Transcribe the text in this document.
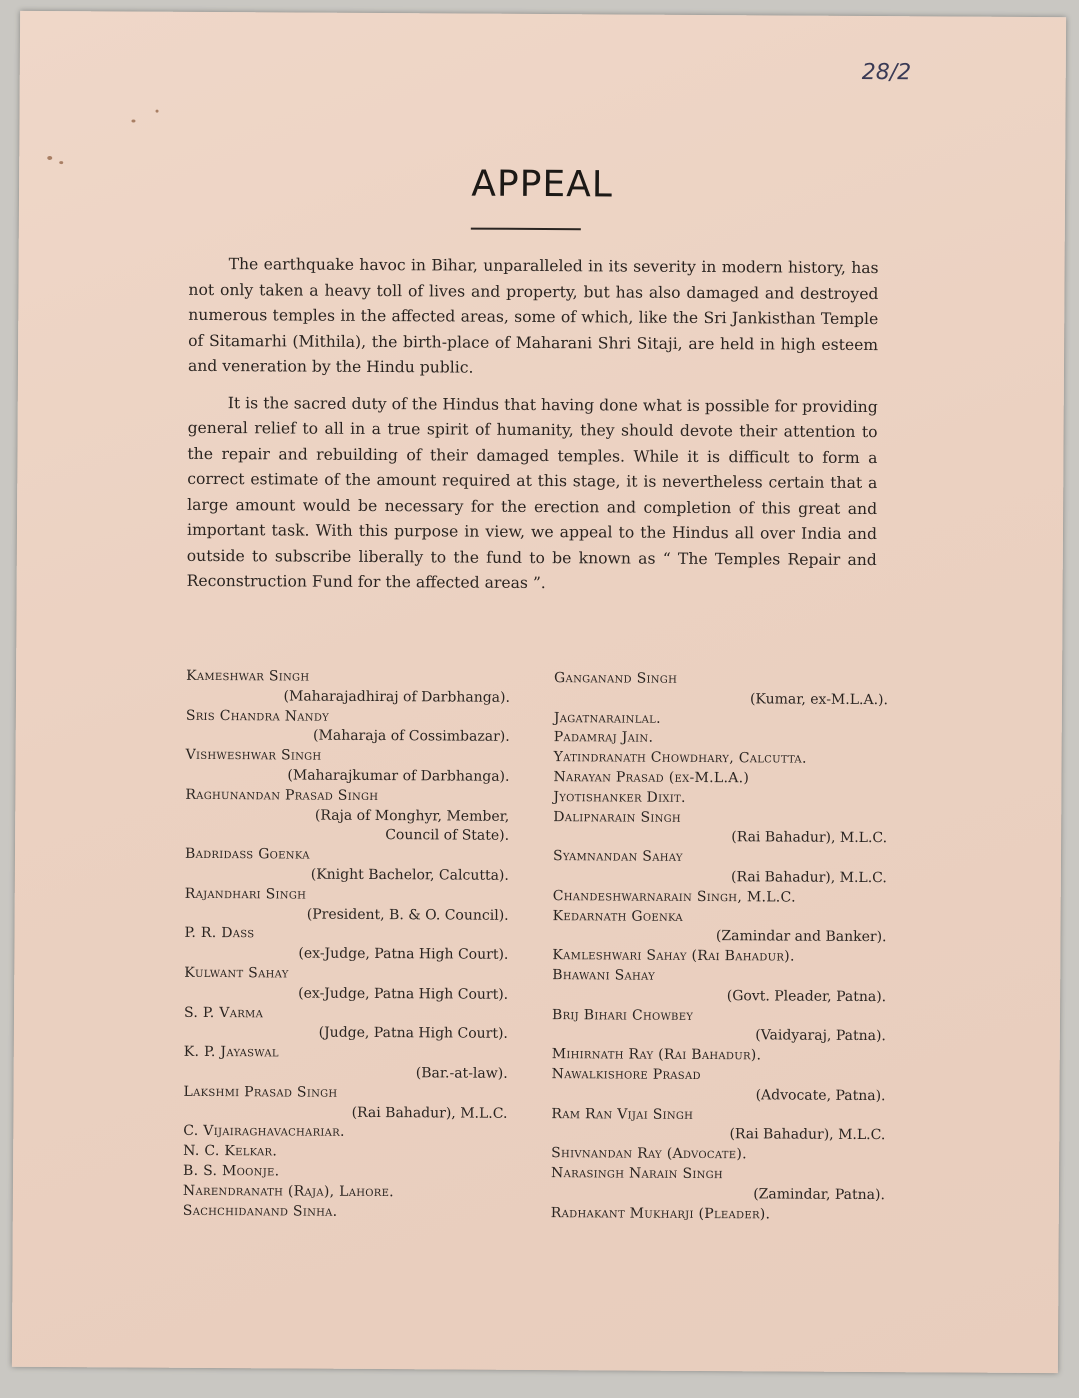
28/2
APPEAL

The earthquake havoc in Bihar, unparalleled in its severity in modern history, has not only taken a heavy toll of lives and property, but has also damaged and destroyed numerous temples in the affected areas, some of which, like the Sri Jankisthan Temple of Sitamarhi (Mithila), the birth-place of Maharani Shri Sitaji, are held in high esteem and veneration by the Hindu public.

It is the sacred duty of the Hindus that having done what is possible for providing general relief to all in a true spirit of humanity, they should devote their attention to the repair and rebuilding of their damaged temples. While it is difficult to form a correct estimate of the amount required at this stage, it is nevertheless certain that a large amount would be necessary for the erection and completion of this great and important task. With this purpose in view, we appeal to the Hindus all over India and outside to subscribe liberally to the fund to be known as “ The Temples Repair and Reconstruction Fund for the affected areas ”.

Kameshwar Singh
(Maharajadhiraj of Darbhanga).
Sris Chandra Nandy
(Maharaja of Cossimbazar).
Vishweshwar Singh
(Maharajkumar of Darbhanga).
Raghunandan Prasad Singh
(Raja of Monghyr, Member,
Council of State).
Badridass Goenka
(Knight Bachelor, Calcutta).
Rajandhari Singh
(President, B. & O. Council).
P. R. Dass
(ex-Judge, Patna High Court).
Kulwant Sahay
(ex-Judge, Patna High Court).
S. P. Varma
(Judge, Patna High Court).
K. P. Jayaswal
(Bar.-at-law).
Lakshmi Prasad Singh
(Rai Bahadur), M.L.C.
C. Vijairaghavachariar.
N. C. Kelkar.
B. S. Moonje.
Narendranath (Raja), Lahore.
Sachchidanand Sinha.
Ganganand Singh
(Kumar, ex-M.L.A.).
Jagatnarainlal.
Padamraj Jain.
Yatindranath Chowdhary, Calcutta.
Narayan Prasad (ex-M.L.A.)
Jyotishanker Dixit.
Dalipnarain Singh
(Rai Bahadur), M.L.C.
Syamnandan Sahay
(Rai Bahadur), M.L.C.
Chandeshwarnarain Singh, M.L.C.
Kedarnath Goenka
(Zamindar and Banker).
Kamleshwari Sahay (Rai Bahadur).
Bhawani Sahay
(Govt. Pleader, Patna).
Brij Bihari Chowbey
(Vaidyaraj, Patna).
Mihirnath Ray (Rai Bahadur).
Nawalkishore Prasad
(Advocate, Patna).
Ram Ran Vijai Singh
(Rai Bahadur), M.L.C.
Shivnandan Ray (Advocate).
Narasingh Narain Singh
(Zamindar, Patna).
Radhakant Mukharji (Pleader).
